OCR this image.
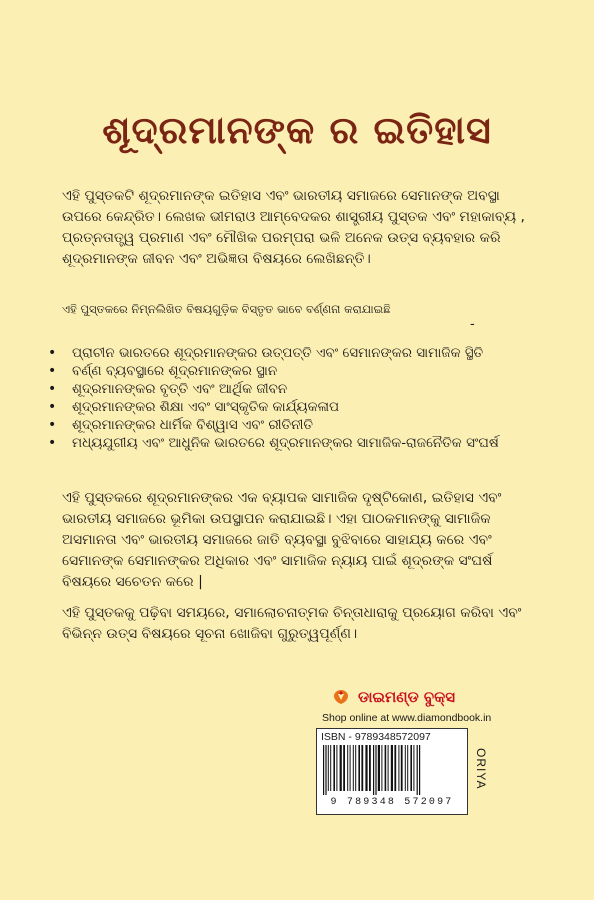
ଶୂଦ୍ରମାନଙ୍କ ର ଇତିହାସ

ଏହି ପୁସ୍ତକଟି ଶୂଦ୍ରମାନଙ୍କ ଇତିହାସ ଏବଂ ଭାରତୀୟ ସମାଜରେ ସେମାନଙ୍କ ଅବସ୍ଥା ଉପରେ କେନ୍ଦ୍ରିତ। ଲେଖକ ଭୀମରାଓ ଆମ୍ବେଦକର ଶାସ୍ତ୍ରୀୟ ପୁସ୍ତକ ଏବଂ ମହାକାବ୍ୟ , ପ୍ରତ୍ନତାତ୍ତ୍ୱ ପ୍ରମାଣ ଏବଂ ମୌଖିକ ପରମ୍ପରା ଭଳି ଅନେକ ଉତ୍ସ ବ୍ୟବହାର କରି ଶୂଦ୍ରମାନଙ୍କ ଜୀବନ ଏବଂ ଅଭିଜ୍ଞତା ବିଷୟରେ ଲେଖିଛନ୍ତି।

ଏହି ପୁସ୍ତକରେ ନିମ୍ନଲିଖିତ ବିଷୟଗୁଡ଼ିକ ବିସ୍ତୃତ ଭାବେ ବର୍ଣ୍ଣନା କରାଯାଇଛି

-
• ପ୍ରାଚୀନ ଭାରତରେ ଶୂଦ୍ରମାନଙ୍କର ଉତ୍ପତ୍ତି ଏବଂ ସେମାନଙ୍କର ସାମାଜିକ ସ୍ଥିତି
• ବର୍ଣ୍ଣ ବ୍ୟବସ୍ଥାରେ ଶୂଦ୍ରମାନଙ୍କର ସ୍ଥାନ
• ଶୂଦ୍ରମାନଙ୍କର ବୃତ୍ତି ଏବଂ ଆର୍ଥିକ ଜୀବନ
• ଶୂଦ୍ରମାନଙ୍କର ଶିକ୍ଷା ଏବଂ ସାଂସ୍କୃତିକ କାର୍ଯ୍ୟକଳାପ
• ଶୂଦ୍ରମାନଙ୍କର ଧାର୍ମିକ ବିଶ୍ୱାସ ଏବଂ ରୀତିନୀତି
• ମଧ୍ୟଯୁଗୀୟ ଏବଂ ଆଧୁନିକ ଭାରତରେ ଶୂଦ୍ରମାନଙ୍କର ସାମାଜିକ-ରାଜନୈତିକ ସଂଘର୍ଷ

ଏହି ପୁସ୍ତକରେ ଶୂଦ୍ରମାନଙ୍କର ଏକ ବ୍ୟାପକ ସାମାଜିକ ଦୃଷ୍ଟିକୋଣ, ଇତିହାସ ଏବଂ ଭାରତୀୟ ସମାଜରେ ଭୂମିକା ଉପସ୍ଥାପନ କରାଯାଇଛି। ଏହା ପାଠକମାନଙ୍କୁ ସାମାଜିକ ଅସମାନତା ଏବଂ ଭାରତୀୟ ସମାଜରେ ଜାତି ବ୍ୟବସ୍ଥା ବୁଝିବାରେ ସାହାଯ୍ୟ କରେ ଏବଂ ସେମାନଙ୍କ ସେମାନଙ୍କର ଅଧିକାର ଏବଂ ସାମାଜିକ ନ୍ୟାୟ ପାଇଁ ଶୂଦ୍ରଙ୍କ ସଂଘର୍ଷ ବିଷୟରେ ସଚେତନ କରେ |

ଏହି ପୁସ୍ତକକୁ ପଢ଼ିବା ସମୟରେ, ସମାଲୋଚନାତ୍ମକ ଚିନ୍ତାଧାରାକୁ ପ୍ରୟୋଗ କରିବା ଏବଂ ବିଭିନ୍ନ ଉତ୍ସ ବିଷୟରେ ସୂଚନା ଖୋଜିବା ଗୁରୁତ୍ୱପୂର୍ଣ୍ଣ।

ଡାଇମଣ୍ଡ ବୁକ୍ସ
Shop online at www.diamondbook.in
ISBN - 9789348572097
9 789348 572097
ORIYA
